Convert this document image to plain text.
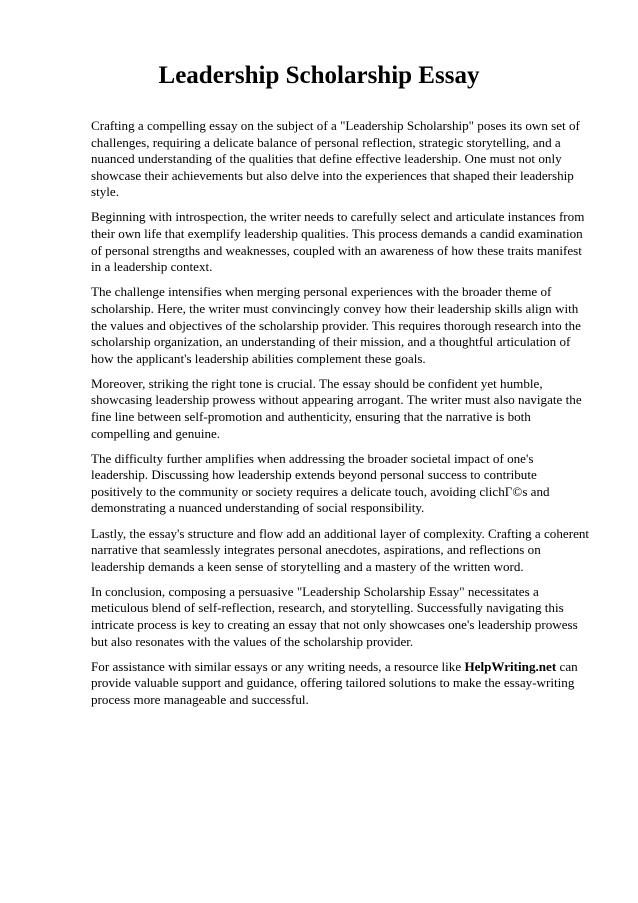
Leadership Scholarship Essay

Crafting a compelling essay on the subject of a "Leadership Scholarship" poses its own set of challenges, requiring a delicate balance of personal reflection, strategic storytelling, and a nuanced understanding of the qualities that define effective leadership. One must not only showcase their achievements but also delve into the experiences that shaped their leadership style.

Beginning with introspection, the writer needs to carefully select and articulate instances from their own life that exemplify leadership qualities. This process demands a candid examination of personal strengths and weaknesses, coupled with an awareness of how these traits manifest in a leadership context.

The challenge intensifies when merging personal experiences with the broader theme of scholarship. Here, the writer must convincingly convey how their leadership skills align with the values and objectives of the scholarship provider. This requires thorough research into the scholarship organization, an understanding of their mission, and a thoughtful articulation of how the applicant's leadership abilities complement these goals.

Moreover, striking the right tone is crucial. The essay should be confident yet humble, showcasing leadership prowess without appearing arrogant. The writer must also navigate the fine line between self-promotion and authenticity, ensuring that the narrative is both compelling and genuine.

The difficulty further amplifies when addressing the broader societal impact of one's leadership. Discussing how leadership extends beyond personal success to contribute positively to the community or society requires a delicate touch, avoiding clichГ©s and demonstrating a nuanced understanding of social responsibility.

Lastly, the essay's structure and flow add an additional layer of complexity. Crafting a coherent narrative that seamlessly integrates personal anecdotes, aspirations, and reflections on leadership demands a keen sense of storytelling and a mastery of the written word.

In conclusion, composing a persuasive "Leadership Scholarship Essay" necessitates a meticulous blend of self-reflection, research, and storytelling. Successfully navigating this intricate process is key to creating an essay that not only showcases one's leadership prowess but also resonates with the values of the scholarship provider.

For assistance with similar essays or any writing needs, a resource like HelpWriting.net can provide valuable support and guidance, offering tailored solutions to make the essay-writing process more manageable and successful.
